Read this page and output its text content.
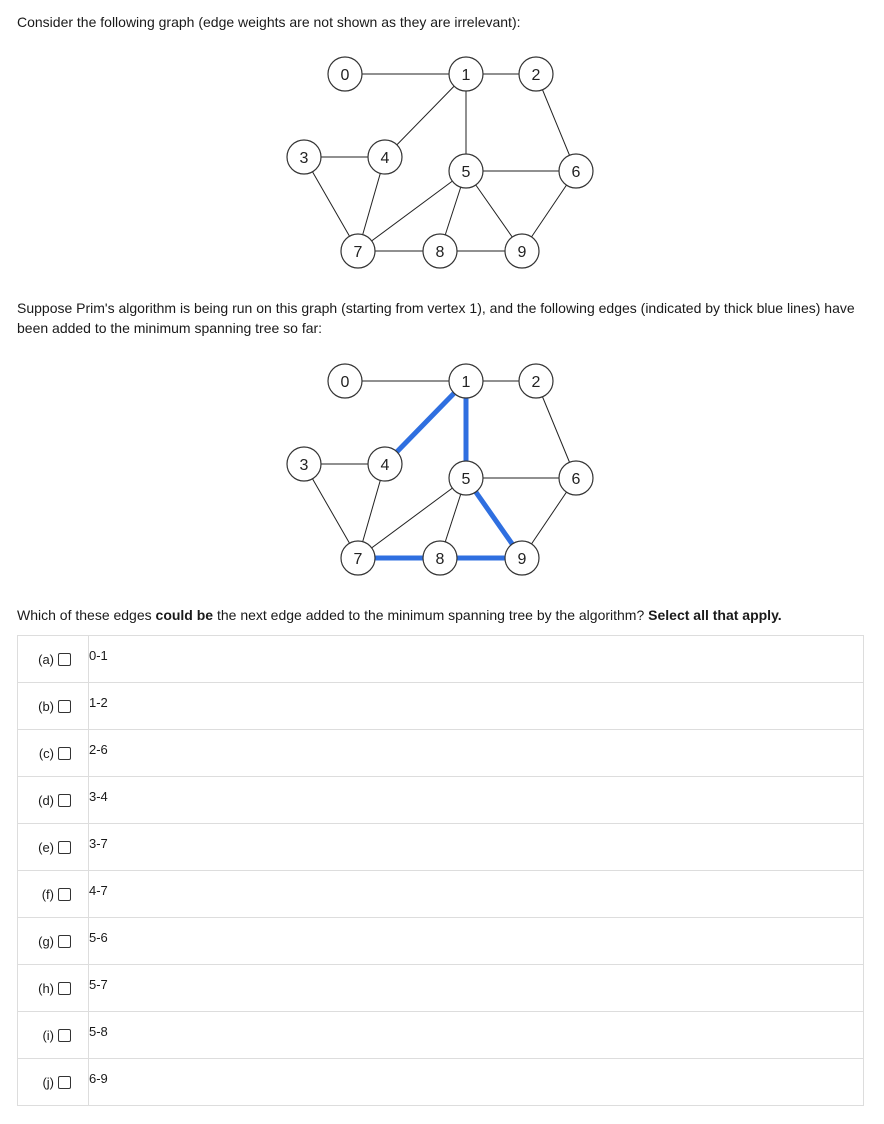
Consider the following graph (edge weights are not shown as they are irrelevant):

0	1	2
3	4
5	6
7	8	9

Suppose Prim's algorithm is being run on this graph (starting from vertex 1), and the following edges (indicated by thick blue lines) have been added to the minimum spanning tree so far:

0	1	2
3	4
5	6
7	8	9

Which of these edges could be the next edge added to the minimum spanning tree by the algorithm? Select all that apply.

(a)	0-1

(b)	1-2

(c)	2-6

(d)	3-4

(e)	3-7

(f)	4-7

(g)	5-6

(h)	5-7

(i)	5-8

(j)	6-9
